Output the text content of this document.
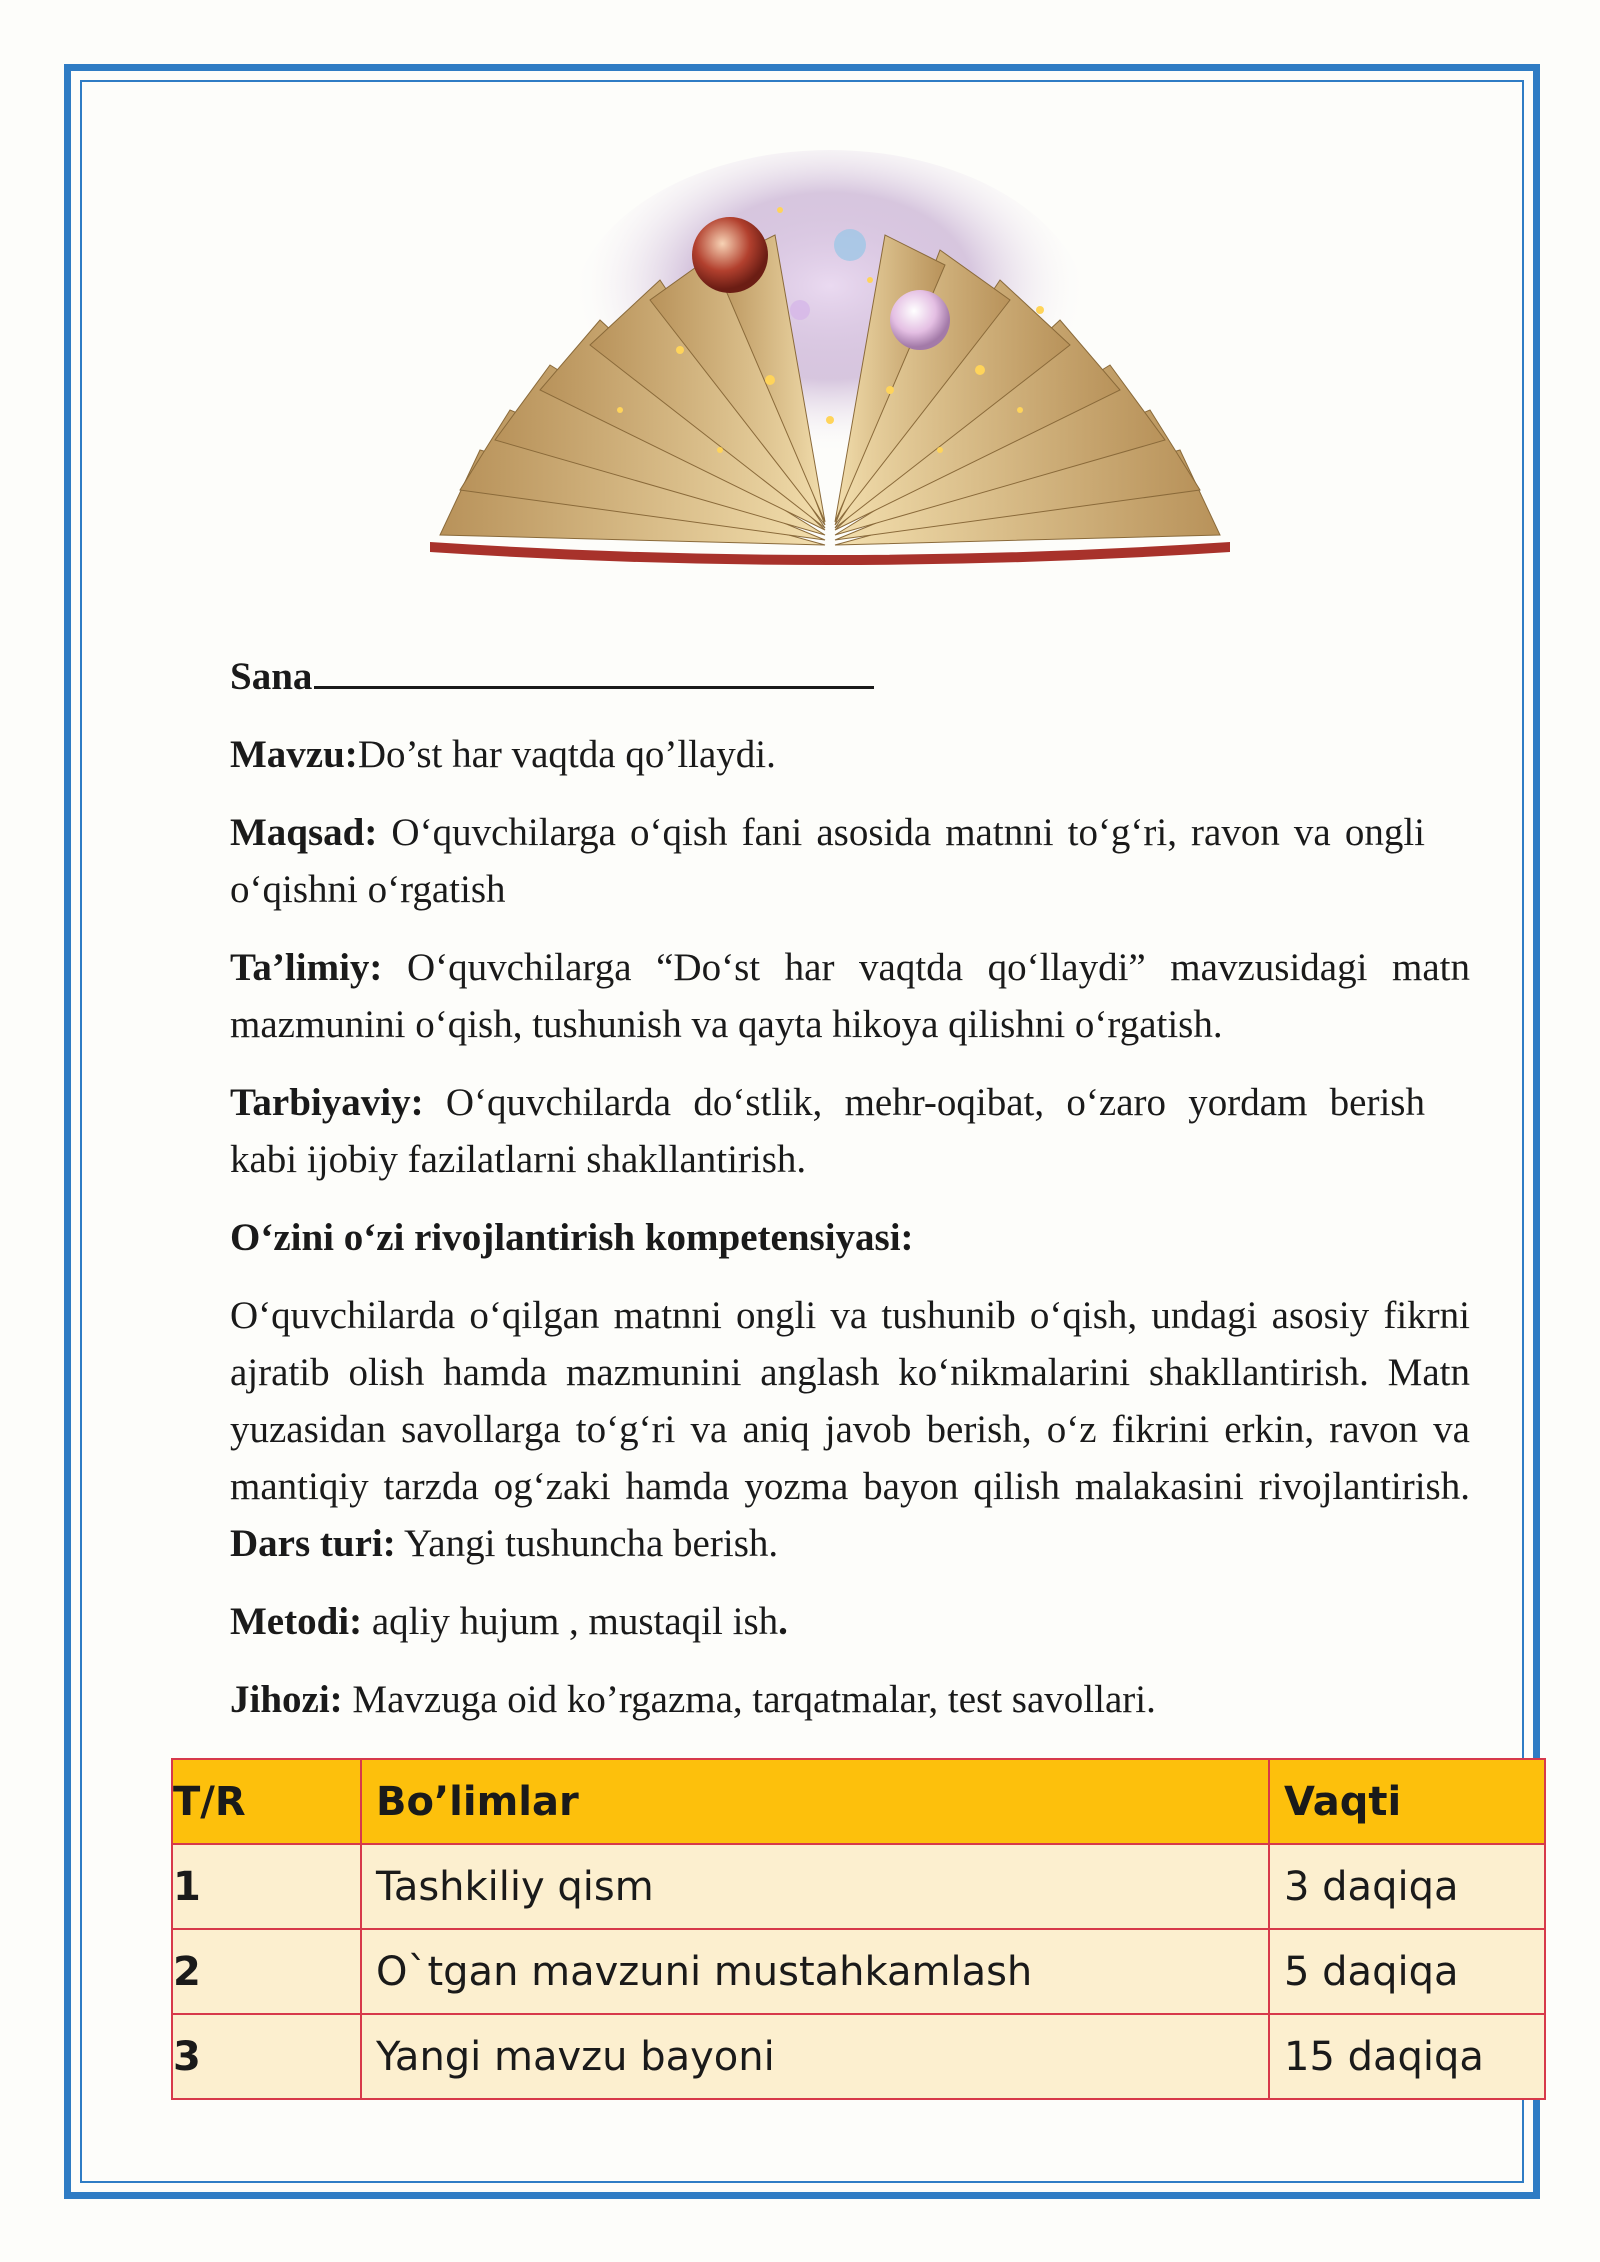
Sana

Mavzu:Do’st har vaqtda qo’llaydi.

Maqsad: O‘quvchilarga o‘qish fani asosida matnni to‘g‘ri, ravon va ongli o‘qishni o‘rgatish

Ta’limiy: O‘quvchilarga “Do‘st har vaqtda qo‘llaydi” mavzusidagi matn mazmunini o‘qish, tushunish va qayta hikoya qilishni o‘rgatish.

Tarbiyaviy: O‘quvchilarda do‘stlik, mehr-oqibat, o‘zaro yordam berish kabi ijobiy fazilatlarni shakllantirish.

O‘zini o‘zi rivojlantirish kompetensiyasi:

O‘quvchilarda o‘qilgan matnni ongli va tushunib o‘qish, undagi asosiy fikrni ajratib olish hamda mazmunini anglash ko‘nikmalarini shakllantirish. Matn yuzasidan savollarga to‘g‘ri va aniq javob berish, o‘z fikrini erkin, ravon va mantiqiy tarzda og‘zaki hamda yozma bayon qilish malakasini rivojlantirish. Dars turi: Yangi tushuncha berish.

Metodi: aqliy hujum , mustaqil ish.

Jihozi: Mavzuga oid ko’rgazma, tarqatmalar, test savollari.

T/R	Bo’limlar	Vaqti
1	Tashkiliy qism	3 daqiqa
2	O`tgan mavzuni mustahkamlash	5 daqiqa
3	Yangi mavzu bayoni	15 daqiqa
